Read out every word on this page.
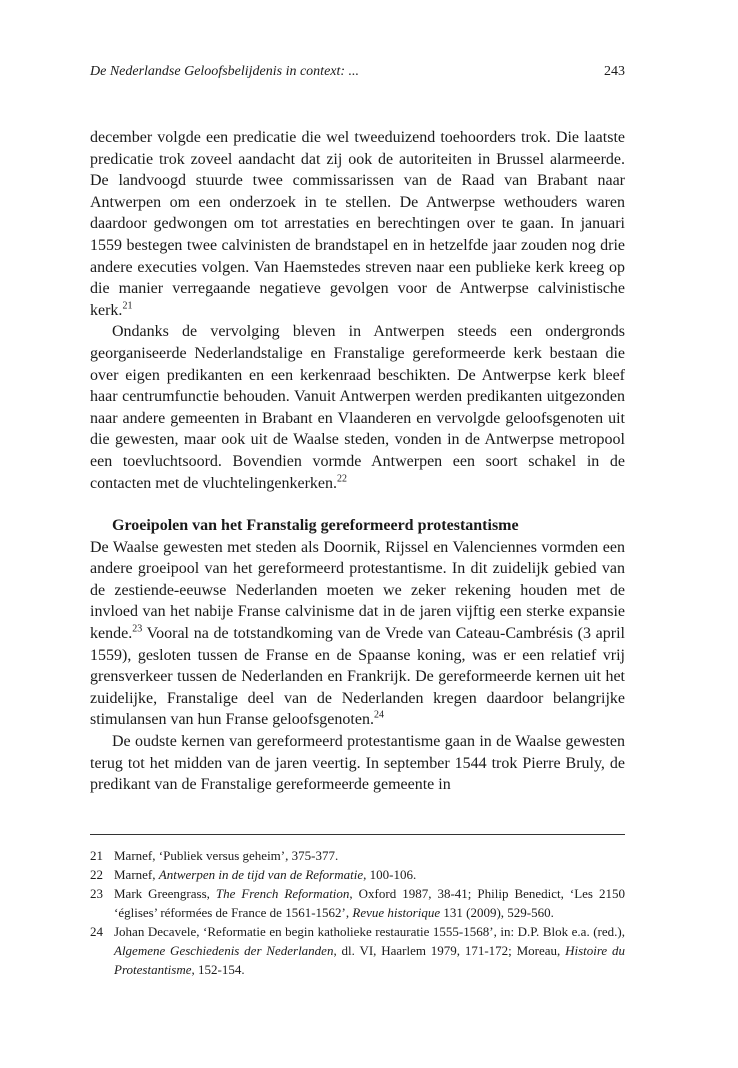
De Nederlandse Geloofsbelijdenis in context: ...	243

december volgde een predicatie die wel tweeduizend toehoorders trok. Die laatste predicatie trok zoveel aandacht dat zij ook de autoriteiten in Brussel alarmeerde. De landvoogd stuurde twee commissarissen van de Raad van Brabant naar Antwerpen om een onderzoek in te stellen. De Antwerpse wethouders waren daardoor gedwongen om tot arrestaties en berechtingen over te gaan. In januari 1559 bestegen twee calvinisten de brandstapel en in hetzelfde jaar zouden nog drie andere executies volgen. Van Haemstedes streven naar een publieke kerk kreeg op die manier verregaande negatieve gevolgen voor de Antwerpse calvinistische kerk.$^{21}$

Ondanks de vervolging bleven in Antwerpen steeds een ondergronds georganiseerde Nederlandstalige en Franstalige gereformeerde kerk bestaan die over eigen predikanten en een kerkenraad beschikten. De Antwerpse kerk bleef haar centrumfunctie behouden. Vanuit Antwerpen werden predikanten uitgezonden naar andere gemeenten in Brabant en Vlaanderen en vervolgde geloofsgenoten uit die gewesten, maar ook uit de Waalse steden, vonden in de Antwerpse metropool een toevluchtsoord. Bovendien vormde Antwerpen een soort schakel in de contacten met de vluchtelingenkerken.$^{22}$

Groeipolen van het Franstalig gereformeerd protestantisme

De Waalse gewesten met steden als Doornik, Rijssel en Valenciennes vormden een andere groeipool van het gereformeerd protestantisme. In dit zuidelijk gebied van de zestiende-eeuwse Nederlanden moeten we zeker rekening houden met de invloed van het nabije Franse calvinisme dat in de jaren vijftig een sterke expansie kende.$^{23}$ Vooral na de totstandkoming van de Vrede van Cateau-Cambrésis (3 april 1559), gesloten tussen de Franse en de Spaanse koning, was er een relatief vrij grensverkeer tussen de Nederlanden en Frankrijk. De gereformeerde kernen uit het zuidelijke, Franstalige deel van de Nederlanden kregen daardoor belangrijke stimulansen van hun Franse geloofsgenoten.$^{24}$

De oudste kernen van gereformeerd protestantisme gaan in de Waalse gewesten terug tot het midden van de jaren veertig. In september 1544 trok Pierre Bruly, de predikant van de Franstalige gereformeerde gemeente in

21 Marnef, ‘Publiek versus geheim’, 375-377.
22 Marnef, Antwerpen in de tijd van de Reformatie, 100-106.
23 Mark Greengrass, The French Reformation, Oxford 1987, 38-41; Philip Benedict, ‘Les 2150 ‘églises’ réformées de France de 1561-1562’, Revue historique 131 (2009), 529-560.
24 Johan Decavele, ‘Reformatie en begin katholieke restauratie 1555-1568’, in: D.P. Blok e.a. (red.), Algemene Geschiedenis der Nederlanden, dl. VI, Haarlem 1979, 171-172; Moreau, Histoire du Protestantisme, 152-154.
